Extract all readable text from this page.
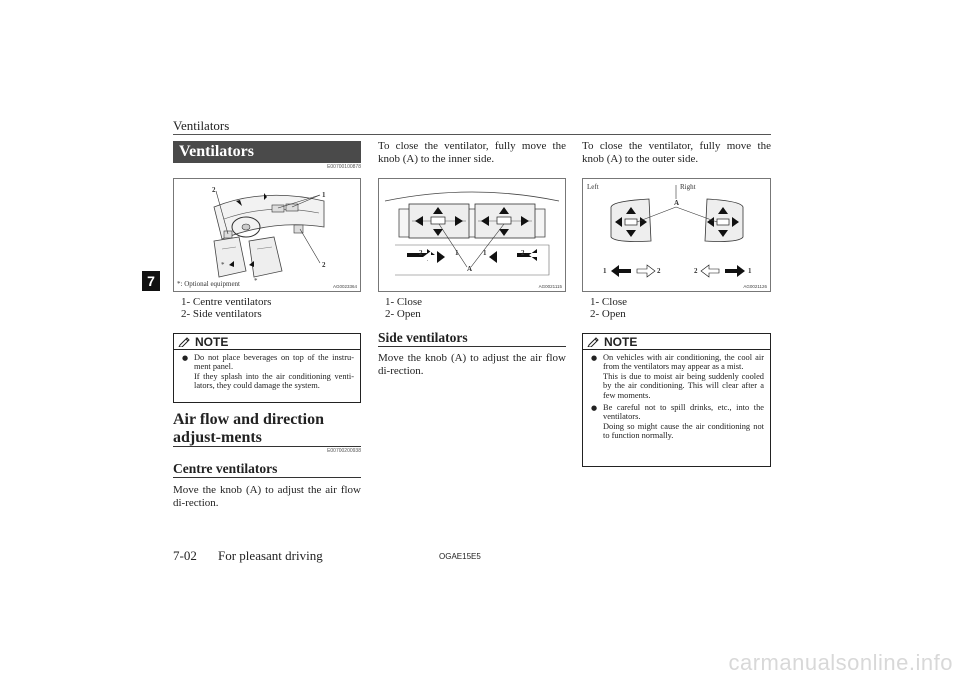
Ventilators
7
Ventilators
E00700100878
2
1
2
*
*
*: Optional equipment	AG0023364
1- Centre ventilators
2- Side ventilators
NOTE
● Do not place beverages on top of the instru-ment panel.

If they splash into the air conditioning venti-lators, they could damage the system.

Air flow and direction adjust-ments
E00700200938
Centre ventilators
Move the knob (A) to adjust the air flow di-rection.
To close the ventilator, fully move the knob (A) to the inner side.
2	1	1	2
A
AG0021115
1- Close
2- Open
Side ventilators
Move the knob (A) to adjust the air flow di-rection.
To close the ventilator, fully move the knob (A) to the outer side.
Left	Right
A
1	2	2	1
AG0021126
1- Close
2- Open
NOTE
● On vehicles with air conditioning, the cool air from the ventilators may appear as a mist.

This is due to moist air being suddenly cooled by the air conditioning. This will clear after a few moments.

● Be careful not to spill drinks, etc., into the ventilators.

Doing so might cause the air conditioning not to function normally.

7-02 For pleasant driving	OGAE15E5
carmanualsonline.info
